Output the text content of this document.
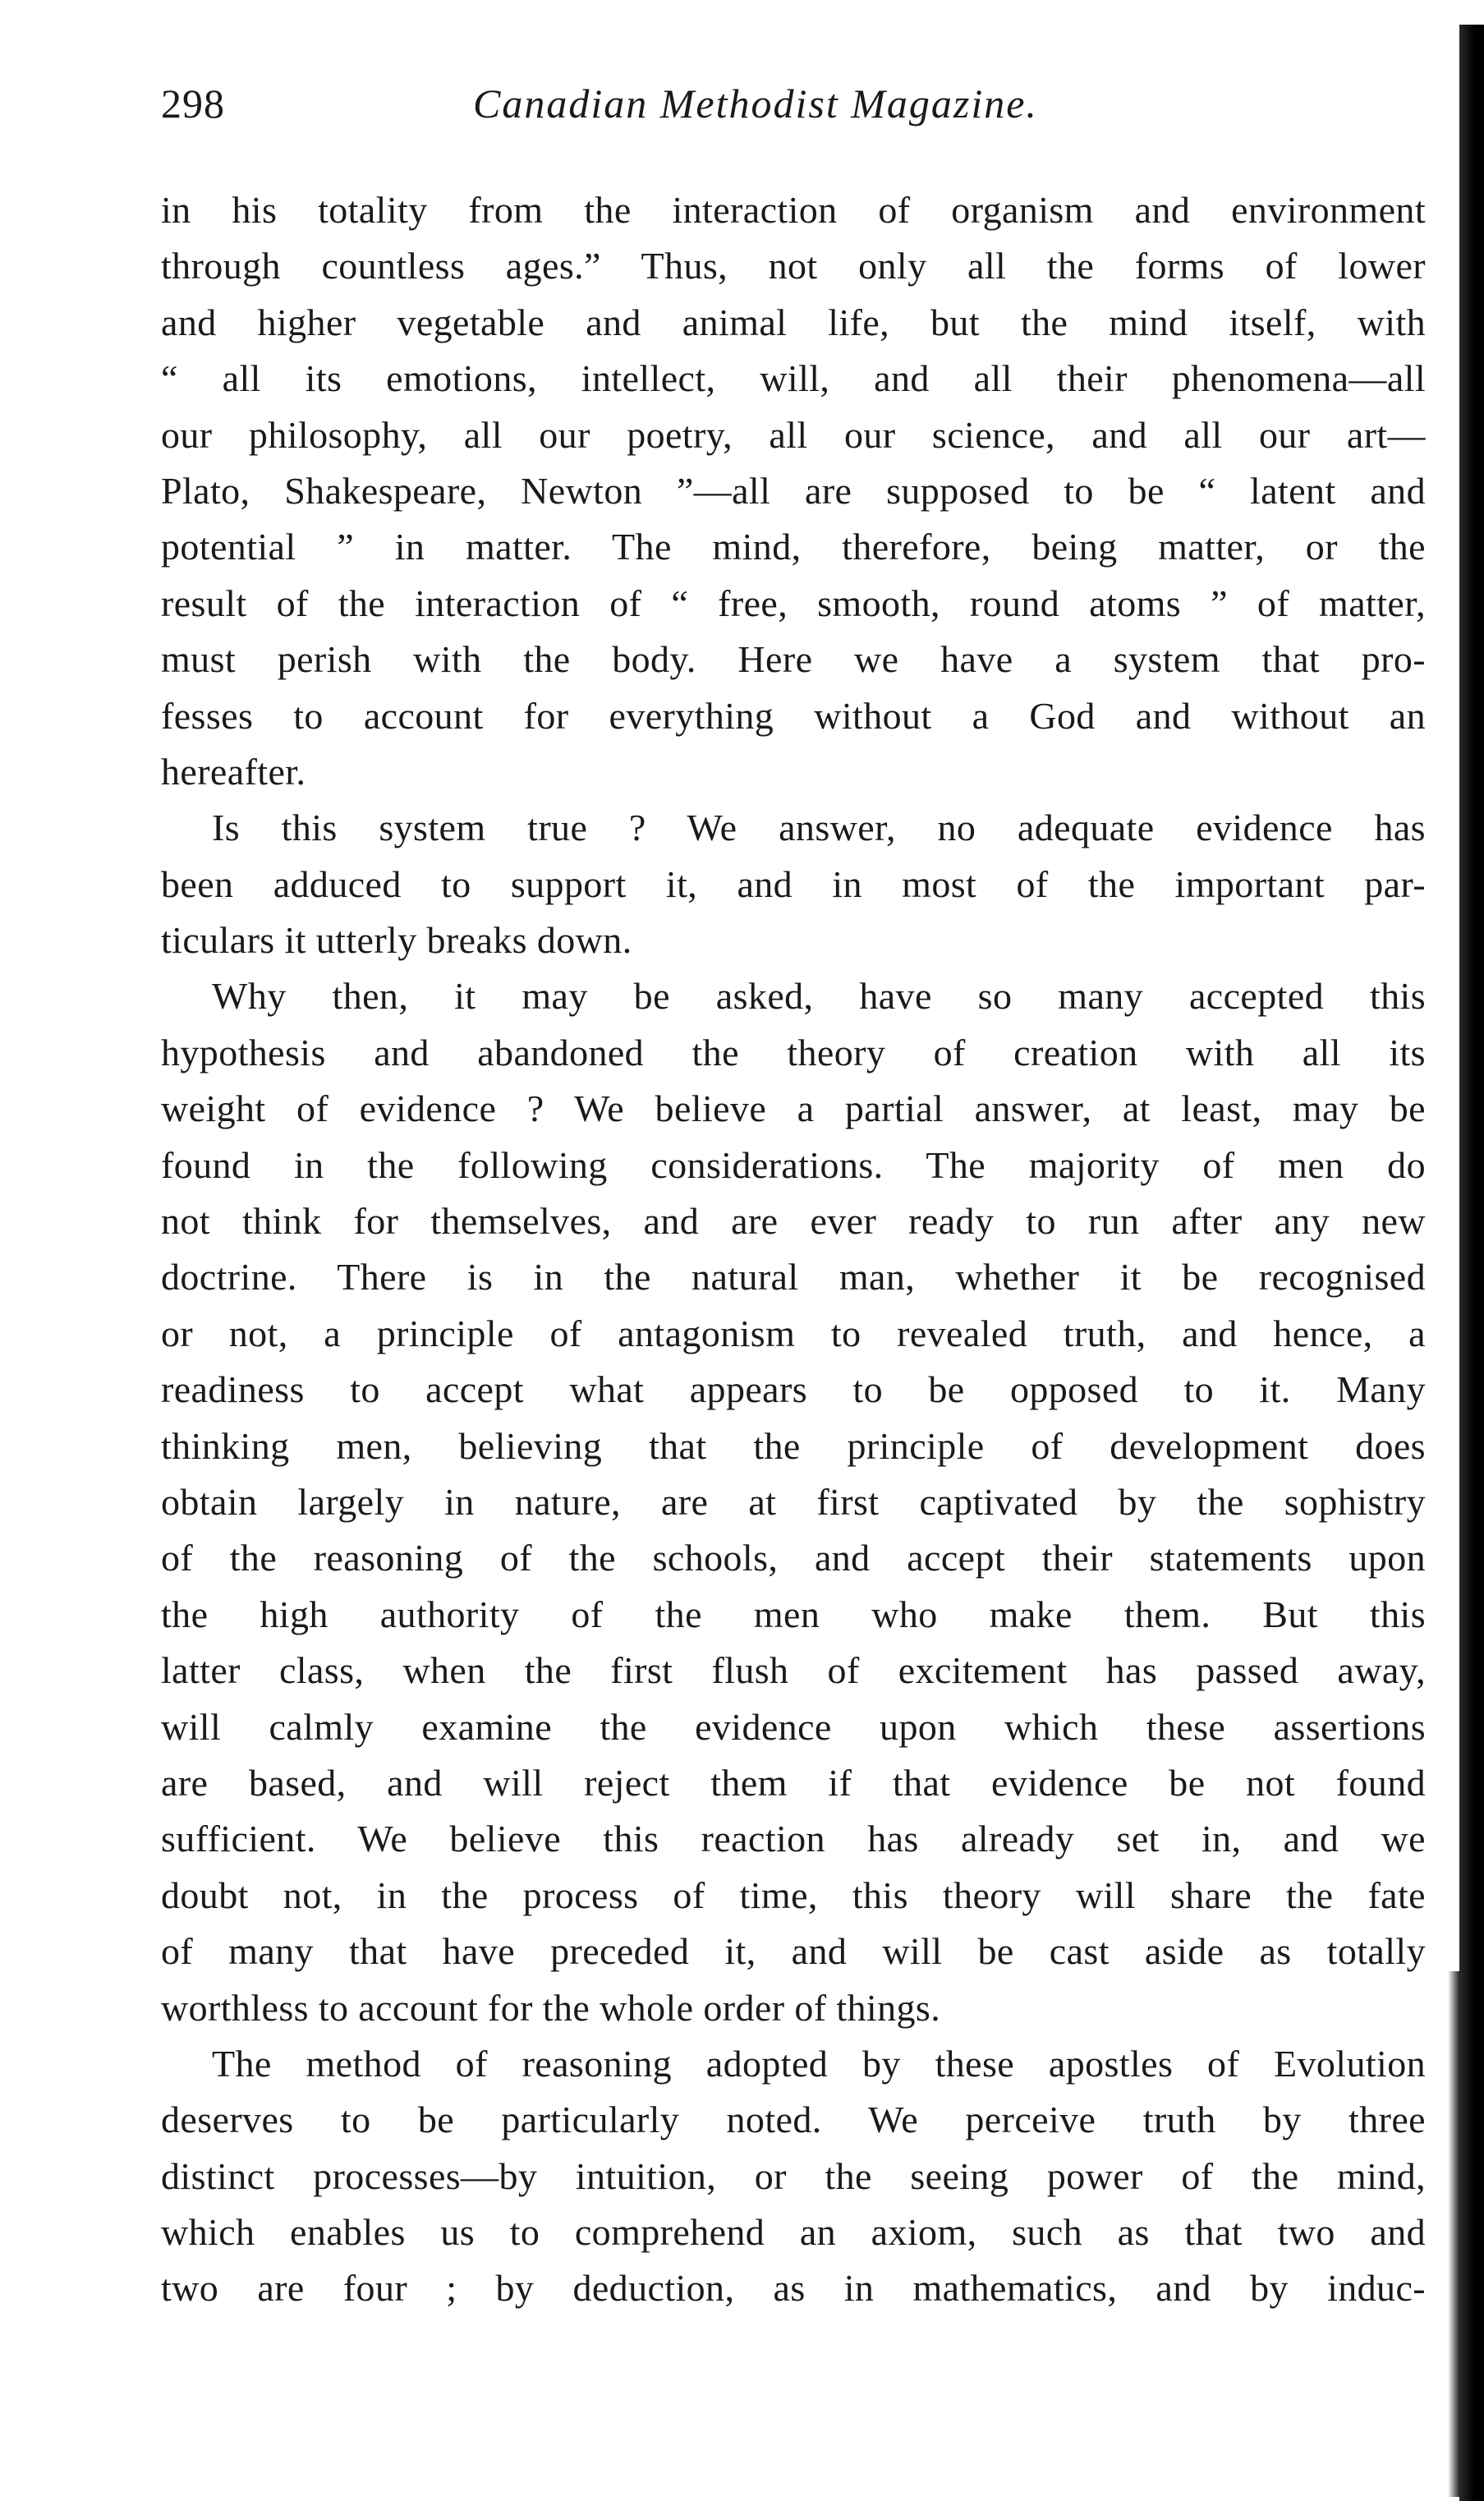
298	Canadian Methodist Magazine.
in his totality from the interaction of organism and environment
through countless ages.” Thus, not only all the forms of lower
and higher vegetable and animal life, but the mind itself, with
“ all its emotions, intellect, will, and all their phenomena—all
our philosophy, all our poetry, all our science, and all our art—
Plato, Shakespeare, Newton ”—all are supposed to be “ latent and
potential ” in matter. The mind, therefore, being matter, or the
result of the interaction of “ free, smooth, round atoms ” of matter,
must perish with the body. Here we have a system that pro-
fesses to account for everything without a God and without an
hereafter.
Is this system true ? We answer, no adequate evidence has
been adduced to support it, and in most of the important par-
ticulars it utterly breaks down.
Why then, it may be asked, have so many accepted this
hypothesis and abandoned the theory of creation with all its
weight of evidence ? We believe a partial answer, at least, may be
found in the following considerations. The majority of men do
not think for themselves, and are ever ready to run after any new
doctrine. There is in the natural man, whether it be recognised
or not, a principle of antagonism to revealed truth, and hence, a
readiness to accept what appears to be opposed to it. Many
thinking men, believing that the principle of development does
obtain largely in nature, are at first captivated by the sophistry
of the reasoning of the schools, and accept their statements upon
the high authority of the men who make them. But this
latter class, when the first flush of excitement has passed away,
will calmly examine the evidence upon which these assertions
are based, and will reject them if that evidence be not found
sufficient. We believe this reaction has already set in, and we
doubt not, in the process of time, this theory will share the fate
of many that have preceded it, and will be cast aside as totally
worthless to account for the whole order of things.
The method of reasoning adopted by these apostles of Evolution
deserves to be particularly noted. We perceive truth by three
distinct processes—by intuition, or the seeing power of the mind,
which enables us to comprehend an axiom, such as that two and
two are four ; by deduction, as in mathematics, and by induc-
